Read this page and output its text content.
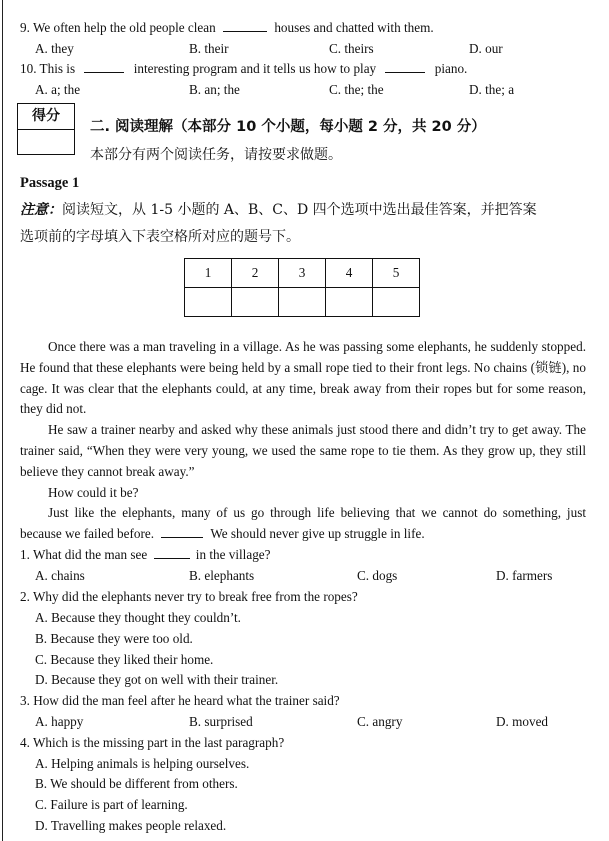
9. We often help the old people clean	houses and chatted with them.
A. they	B. their	C. theirs	D. our
10. This is	interesting program and it tells us how to play	piano.
A. a; the	B. an; the	C. the; the	D. the; a
得分
二. 阅读理解（本部分 10 个小题，每小题 2 分，共 20 分）
本部分有两个阅读任务，请按要求做题。
Passage 1
注意：阅读短文，从 1-5 小题的 A、B、C、D 四个选项中选出最佳答案，并把答案
选项前的字母填入下表空格所对应的题号下。
1	2	3	4	5

Once there was a man traveling in a village. As he was passing some elephants, he suddenly stopped. He found that these elephants were being held by a small rope tied to their front legs. No chains (锁链), no cage. It was clear that the elephants could, at any time, break away from their ropes but for some reason, they did not.

He saw a trainer nearby and asked why these animals just stood there and didn’t try to get away. The trainer said, “When they were very young, we used the same rope to tie them. As they grow up, they still believe they cannot break away.”

How could it be?

Just like the elephants, many of us go through life believing that we cannot do something, just because we failed before.	We should never give up struggle in life.

1. What did the man see	in the village?
A. chains	B. elephants	C. dogs	D. farmers
2. Why did the elephants never try to break free from the ropes?
A. Because they thought they couldn’t.
B. Because they were too old.
C. Because they liked their home.
D. Because they got on well with their trainer.
3. How did the man feel after he heard what the trainer said?
A. happy	B. surprised	C. angry	D. moved
4. Which is the missing part in the last paragraph?
A. Helping animals is helping ourselves.
B. We should be different from others.
C. Failure is part of learning.
D. Travelling makes people relaxed.
